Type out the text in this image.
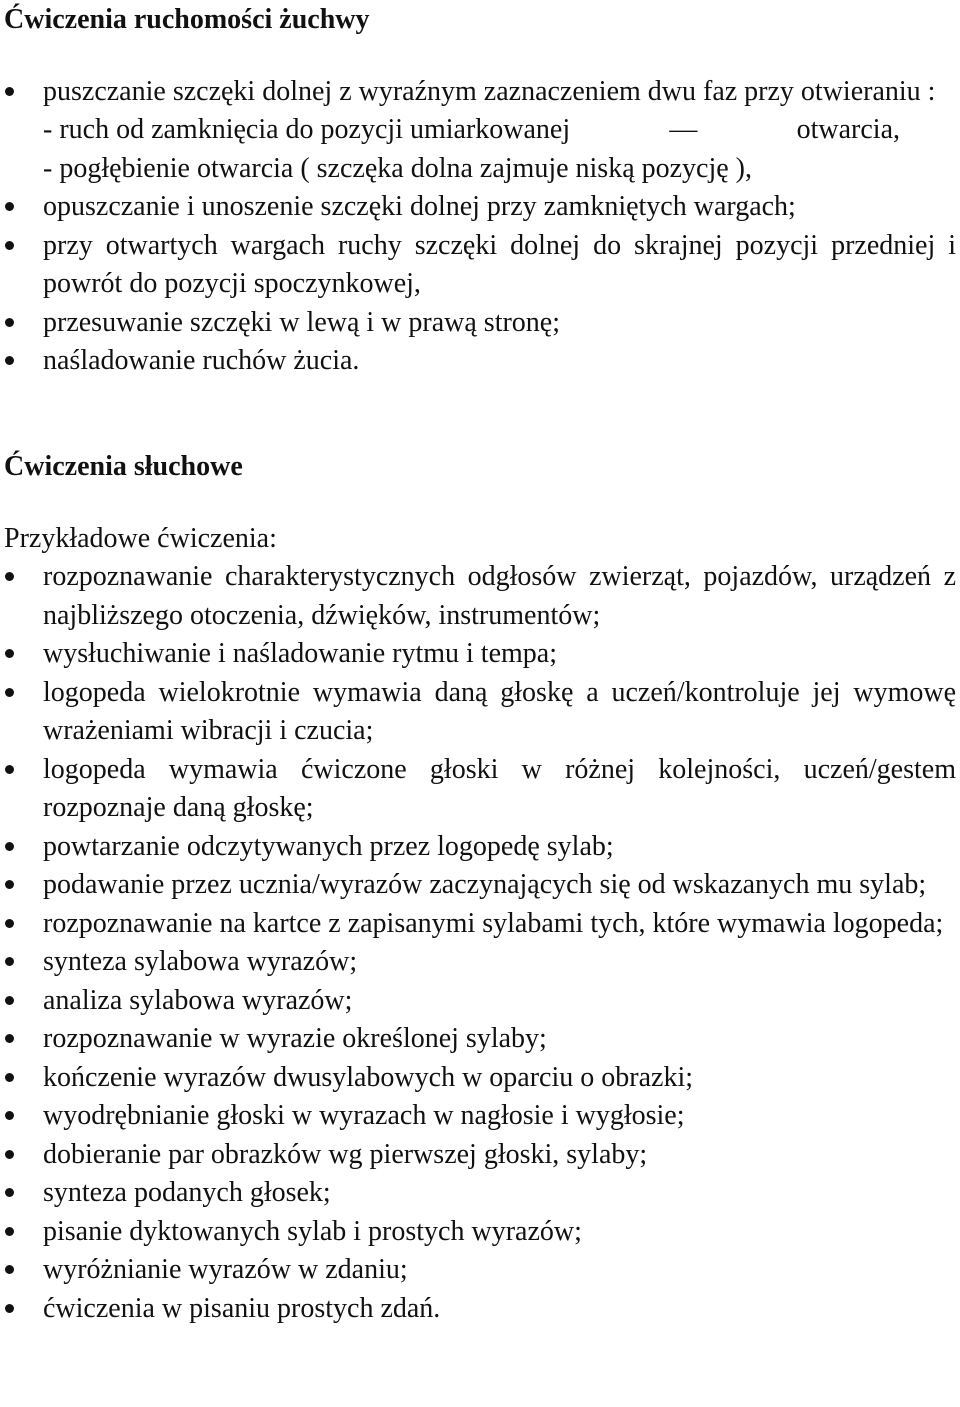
Ćwiczenia ruchomości żuchwy
puszczanie szczęki dolnej z wyraźnym zaznaczeniem dwu faz przy otwieraniu :
- ruch od zamknięcia do pozycji umiarkowanej	—	otwarcia,
- pogłębienie otwarcia ( szczęka dolna zajmuje niską pozycję ),
opuszczanie i unoszenie szczęki dolnej przy zamkniętych wargach;
przy otwartych wargach ruchy szczęki dolnej do skrajnej pozycji przedniej i powrót do pozycji spoczynkowej,
przesuwanie szczęki w lewą i w prawą stronę;
naśladowanie ruchów żucia.
Ćwiczenia słuchowe

Przykładowe ćwiczenia:

rozpoznawanie charakterystycznych odgłosów zwierząt, pojazdów, urządzeń z najbliższego otoczenia, dźwięków, instrumentów;
wysłuchiwanie i naśladowanie rytmu i tempa;
logopeda wielokrotnie wymawia daną głoskę a uczeń/kontroluje jej wymowę wrażeniami wibracji i czucia;
logopeda wymawia ćwiczone głoski w różnej kolejności, uczeń/gestem rozpoznaje daną głoskę;
powtarzanie odczytywanych przez logopedę sylab;
podawanie przez ucznia/wyrazów zaczynających się od wskazanych mu sylab;
rozpoznawanie na kartce z zapisanymi sylabami tych, które wymawia logopeda;
synteza sylabowa wyrazów;
analiza sylabowa wyrazów;
rozpoznawanie w wyrazie określonej sylaby;
kończenie wyrazów dwusylabowych w oparciu o obrazki;
wyodrębnianie głoski w wyrazach w nagłosie i wygłosie;
dobieranie par obrazków wg pierwszej głoski, sylaby;
synteza podanych głosek;
pisanie dyktowanych sylab i prostych wyrazów;
wyróżnianie wyrazów w zdaniu;
ćwiczenia w pisaniu prostych zdań.
